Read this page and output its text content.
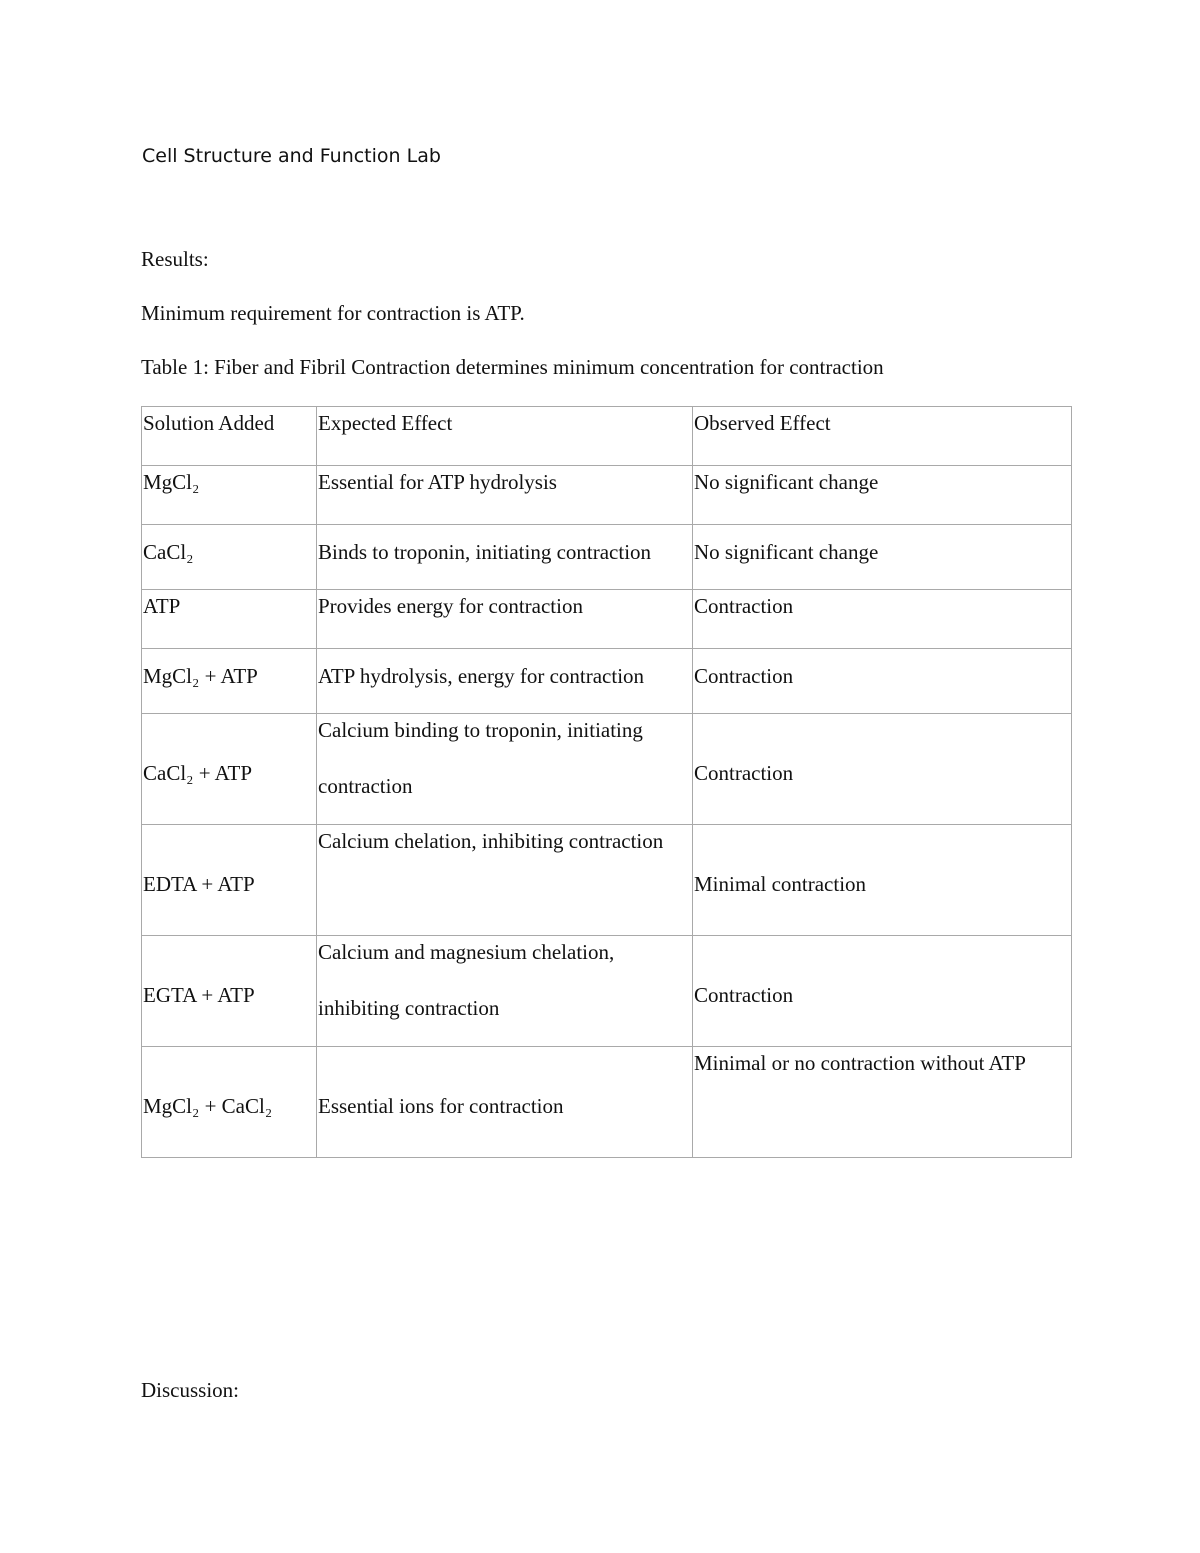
Cell Structure and Function Lab
Results:
Minimum requirement for contraction is ATP.
Table 1: Fiber and Fibril Contraction determines minimum concentration for contraction
Solution Added	Expected Effect	Observed Effect
MgCl₂	Essential for ATP hydrolysis	No significant change

CaCl₂	Binds to troponin, initiating contraction	No significant change

ATP	Provides energy for contraction	Contraction

MgCl₂ + ATP	ATP hydrolysis, energy for contraction	Contraction

CaCl₂ + ATP	Calcium binding to troponin, initiating contraction	Contraction

EDTA + ATP	Calcium chelation, inhibiting contraction	Minimal contraction

EGTA + ATP	Calcium and magnesium chelation, inhibiting contraction	Contraction

MgCl₂ + CaCl₂	Essential ions for contraction	Minimal or no contraction without ATP
Discussion:
